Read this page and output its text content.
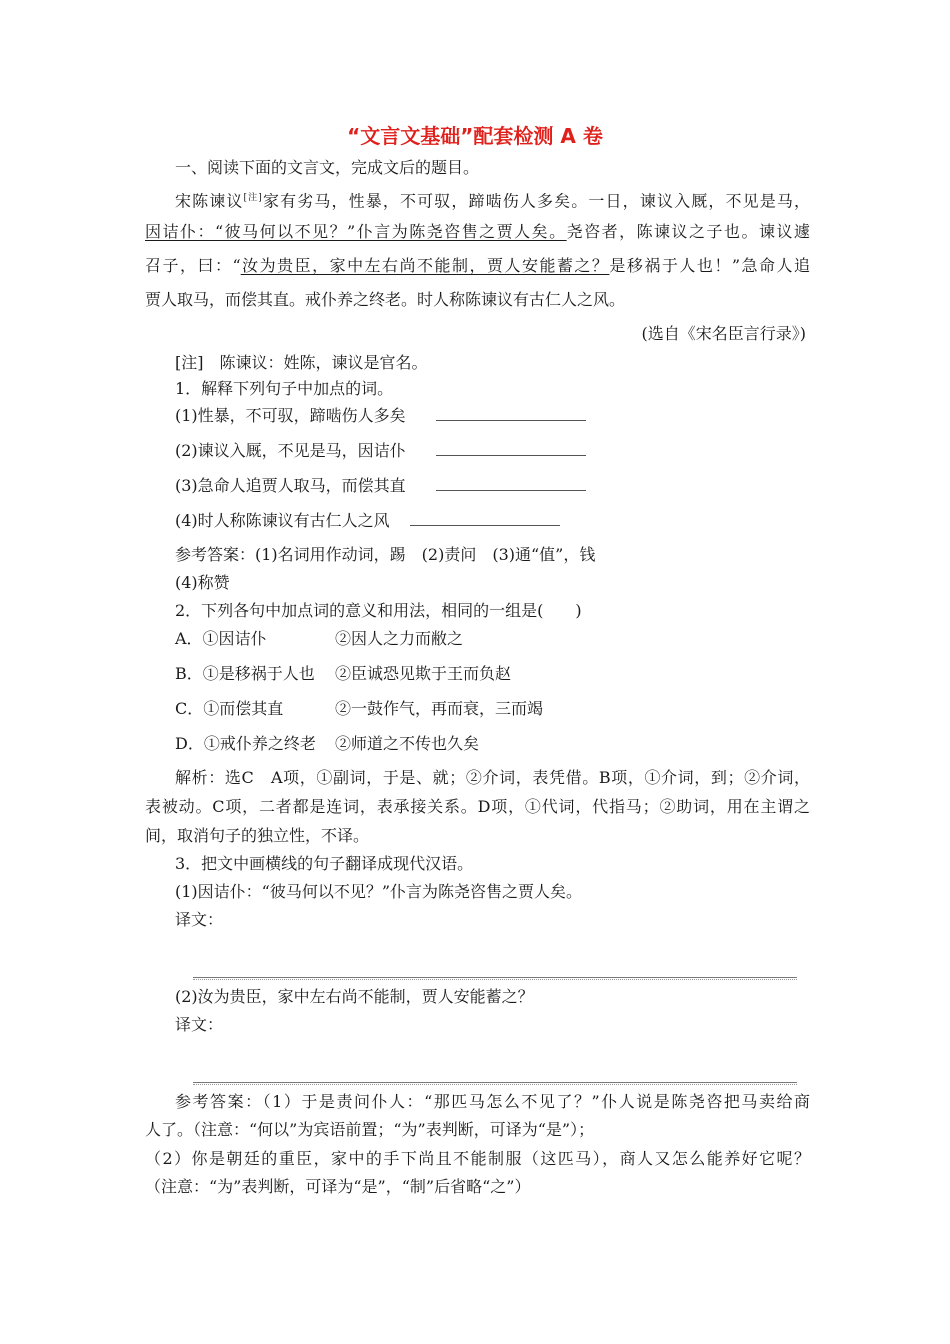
“文言文基础”配套检测 A 卷
一、阅读下面的文言文，完成文后的题目。
宋陈谏议[注]家有劣马，性暴，不可驭，蹄啮伤人多矣。一日，谏议入厩，不见是马，
因诘仆：“彼马何以不见？”仆言为陈尧咨售之贾人矣。尧咨者，陈谏议之子也。谏议遽
召子，曰：“汝为贵臣，家中左右尚不能制，贾人安能蓄之？是移祸于人也！”急命人追
贾人取马，而偿其直。戒仆养之终老。时人称陈谏议有古仁人之风。
(选自《宋名臣言行录》)
[注]　陈谏议：姓陈，谏议是官名。
1．解释下列句子中加点的词。
(1)性暴，不可驭，蹄啮伤人多矣
(2)谏议入厩，不见是马，因诘仆
(3)急命人追贾人取马，而偿其直
(4)时人称陈谏议有古仁人之风
参考答案：(1)名词用作动词，踢　(2)责问　(3)通“值”，钱
(4)称赞
2．下列各句中加点词的意义和用法，相同的一组是(　　)
A．①因诘仆	②因人之力而敝之
B．①是移祸于人也 ②臣诚恐见欺于王而负赵
C．①而偿其直	②一鼓作气，再而衰，三而竭
D．①戒仆养之终老 ②师道之不传也久矣
解析：选C　A项，①副词，于是、就；②介词，表凭借。B项，①介词，到；②介词，
表被动。C项，二者都是连词，表承接关系。D项，①代词，代指马；②助词，用在主谓之
间，取消句子的独立性，不译。
3．把文中画横线的句子翻译成现代汉语。
(1)因诘仆：“彼马何以不见？”仆言为陈尧咨售之贾人矣。
译文：
(2)汝为贵臣，家中左右尚不能制，贾人安能蓄之？
译文：
参考答案：（1）于是责问仆人：“那匹马怎么不见了？”仆人说是陈尧咨把马卖给商
人了。（注意：“何以”为宾语前置；“为”表判断，可译为“是”）；
（2）你是朝廷的重臣，家中的手下尚且不能制服（这匹马），商人又怎么能养好它呢？
（注意：“为”表判断，可译为“是”，“制”后省略“之”）
